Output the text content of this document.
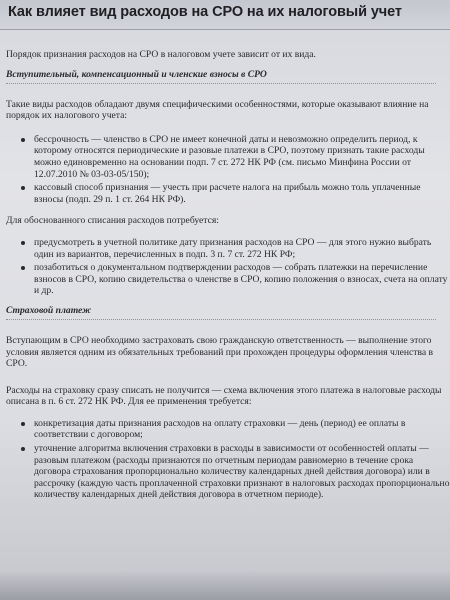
Как влияет вид расходов на СРО на их налоговый учет

Порядок признания расходов на СРО в налоговом учете зависит от их вида.

Вступительный, компенсационный и членские взносы в СРО

Такие виды расходов обладают двумя специфическими особенностями, которые оказывают влияние на порядок их налогового учета:

бессрочность — членство в СРО не имеет конечной даты и невозможно определить период, к которому относятся периодические и разовые платежи в СРО, поэтому признать такие расходы можно единовременно на основании подп. 7 ст. 272 НК РФ (см. письмо Минфина России от 12.07.2010 № 03-03-05/150);
кассовый способ признания — учесть при расчете налога на прибыль можно толь уплаченные взносы (подп. 29 п. 1 ст. 264 НК РФ).

Для обоснованного списания расходов потребуется:

предусмотреть в учетной политике дату признания расходов на СРО — для этого нужно выбрать один из вариантов, перечисленных в подп. 3 п. 7 ст. 272 НК РФ;
позаботиться о документальном подтверждении расходов — собрать платежки на перечисление взносов в СРО, копию свидетельства о членстве в СРО, копию положения о взносах, счета на оплату и др.

Страховой платеж

Вступающим в СРО необходимо застраховать свою гражданскую ответственность — выполнение этого условия является одним из обязательных требований при прохожден процедуры оформления членства в СРО.

Расходы на страховку сразу списать не получится — схема включения этого платежа в налоговые расходы описана в п. 6 ст. 272 НК РФ. Для ее применения требуется:

конкретизация даты признания расходов на оплату страховки — день (период) ее оплаты в соответствии с договором;
уточнение алгоритма включения страховки в расходы в зависимости от особенностей оплаты — разовым платежом (расходы признаются по отчетным периодам равномерно в течение срока договора страхования пропорционально количеству календарных дней действия договора) или в рассрочку (каждую часть проплаченной страховки признают в налоговых расходах пропорционально количеству календарных дней действия договора в отчетном периоде).
